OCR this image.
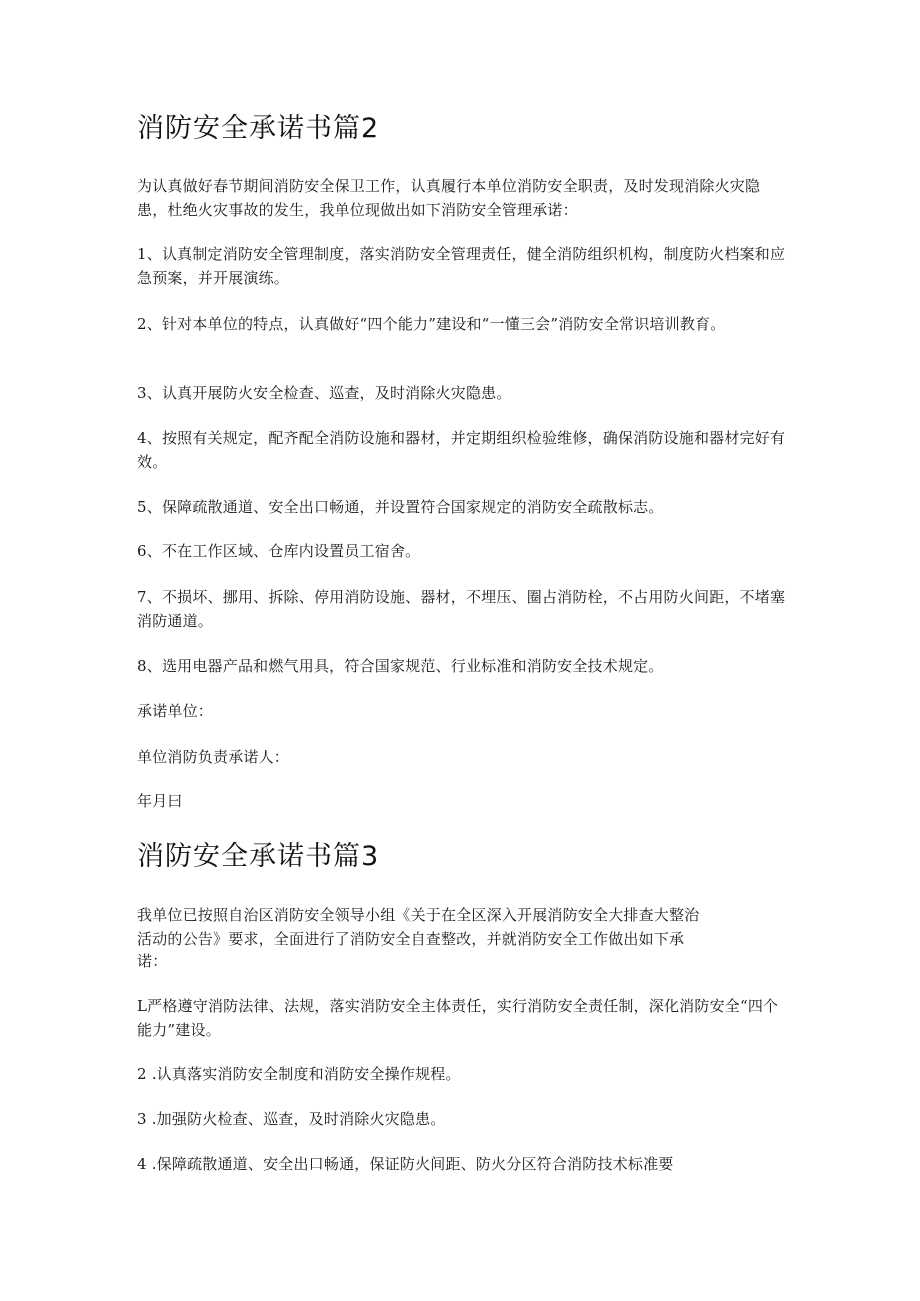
消防安全承诺书篇2

为认真做好春节期间消防安全保卫工作，认真履行本单位消防安全职责，及时发现消除火灾隐患，杜绝火灾事故的发生，我单位现做出如下消防安全管理承诺：

1、认真制定消防安全管理制度，落实消防安全管理责任，健全消防组织机构，制度防火档案和应急预案，并开展演练。

2、针对本单位的特点，认真做好“四个能力”建设和“一懂三会”消防安全常识培训教育。

3、认真开展防火安全检查、巡查，及时消除火灾隐患。

4、按照有关规定，配齐配全消防设施和器材，并定期组织检验维修，确保消防设施和器材完好有效。

5、保障疏散通道、安全出口畅通，并设置符合国家规定的消防安全疏散标志。

6、不在工作区域、仓库内设置员工宿舍。

7、不损坏、挪用、拆除、停用消防设施、器材，不埋压、圈占消防栓，不占用防火间距，不堵塞消防通道。

8、选用电器产品和燃气用具，符合国家规范、行业标准和消防安全技术规定。

承诺单位：

单位消防负责承诺人：

年月曰

消防安全承诺书篇3

我单位已按照自治区消防安全领导小组《关于在全区深入开展消防安全大排查大整治

活动的公告》要求，全面进行了消防安全自查整改，并就消防安全工作做出如下承

诺：

L严格遵守消防法律、法规，落实消防安全主体责任，实行消防安全责任制，深化消防安全“四个能力”建设。

2 .认真落实消防安全制度和消防安全操作规程。

3 .加强防火检查、巡查，及时消除火灾隐患。

4 .保障疏散通道、安全出口畅通，保证防火间距、防火分区符合消防技术标准要
